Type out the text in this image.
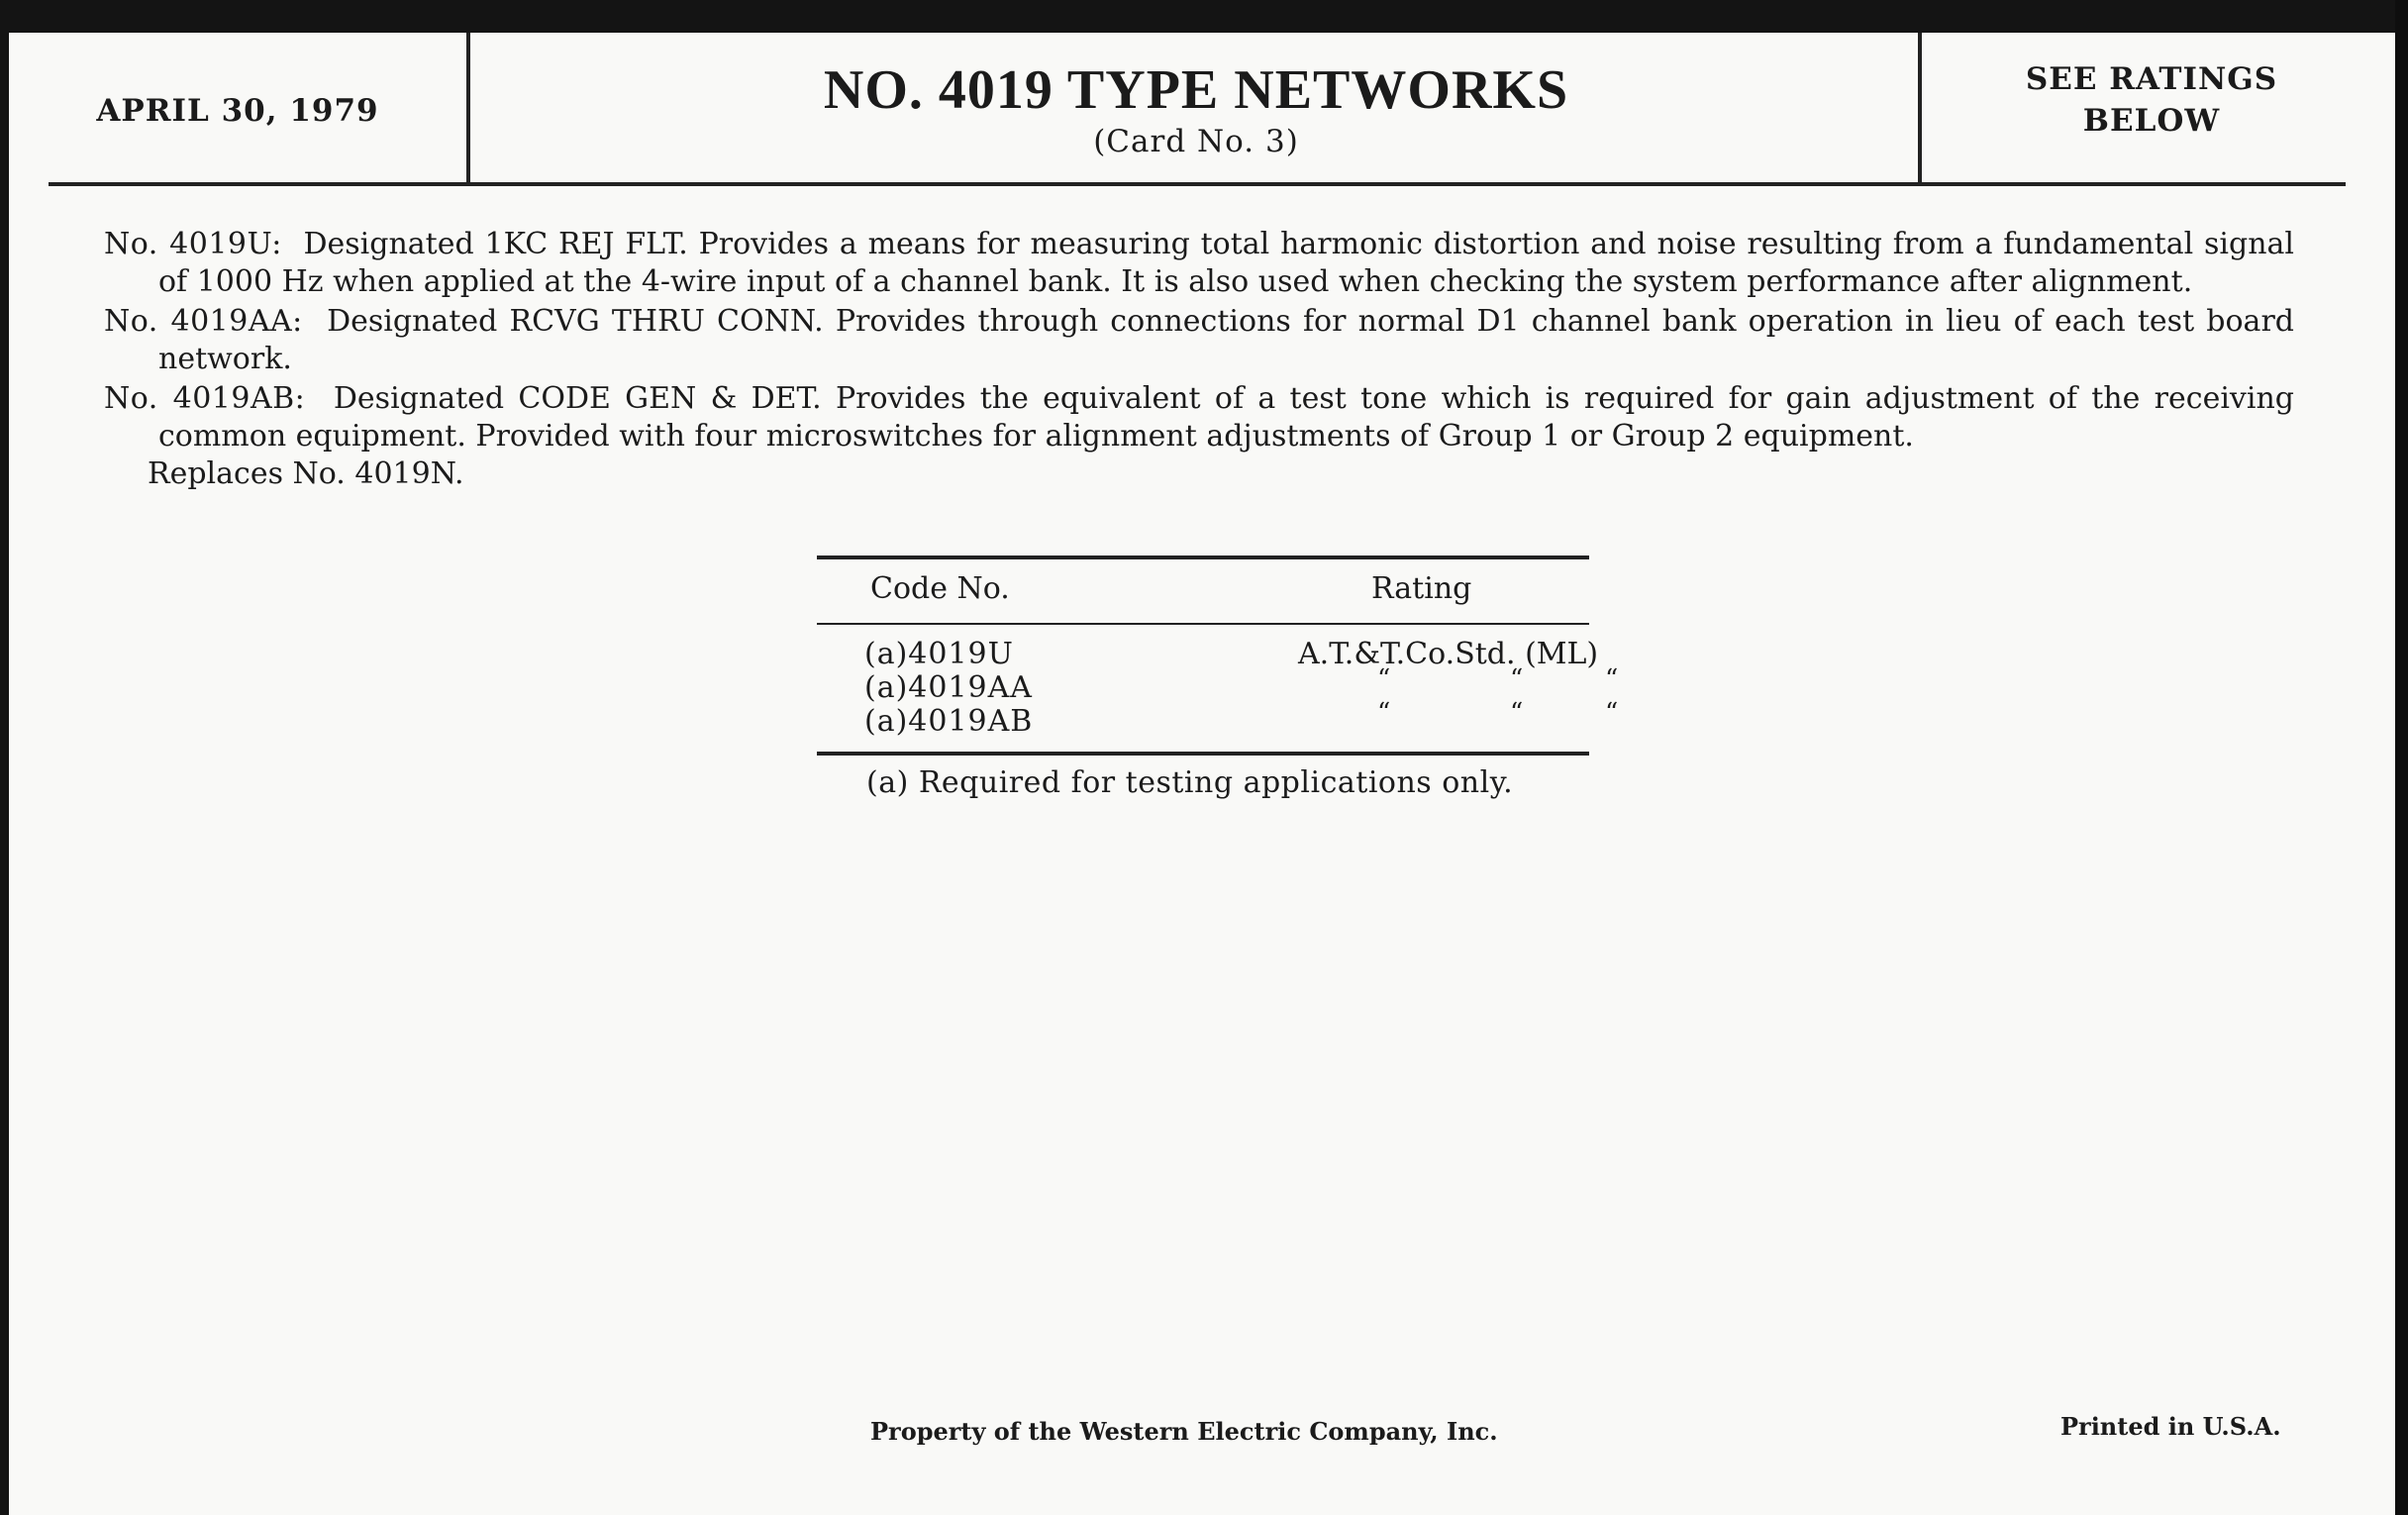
APRIL 30, 1979	NO. 4019 TYPE NETWORKS
(Card No. 3)
SEE RATINGS
BELOW

No. 4019U: Designated 1KC REJ FLT. Provides a means for measuring total harmonic distortion and noise resulting from a fundamental signal of 1000 Hz when applied at the 4-wire input of a channel bank. It is also used when checking the system performance after alignment.

No. 4019AA: Designated RCVG THRU CONN. Provides through connections for normal D1 channel bank operation in lieu of each test board network.

No. 4019AB: Designated CODE GEN & DET. Provides the equivalent of a test tone which is required for gain adjustment of the receiving common equipment. Provided with four microswitches for alignment adjustments of Group 1 or Group 2 equipment.

Replaces No. 4019N.
Code No.	Rating
(a)4019U	A.T.&T.Co.Std. (ML)
(a)4019AA	“	“	“
(a)4019AB	“	“	“
(a) Required for testing applications only.
Property of the Western Electric Company, Inc.	Printed in U.S.A.
